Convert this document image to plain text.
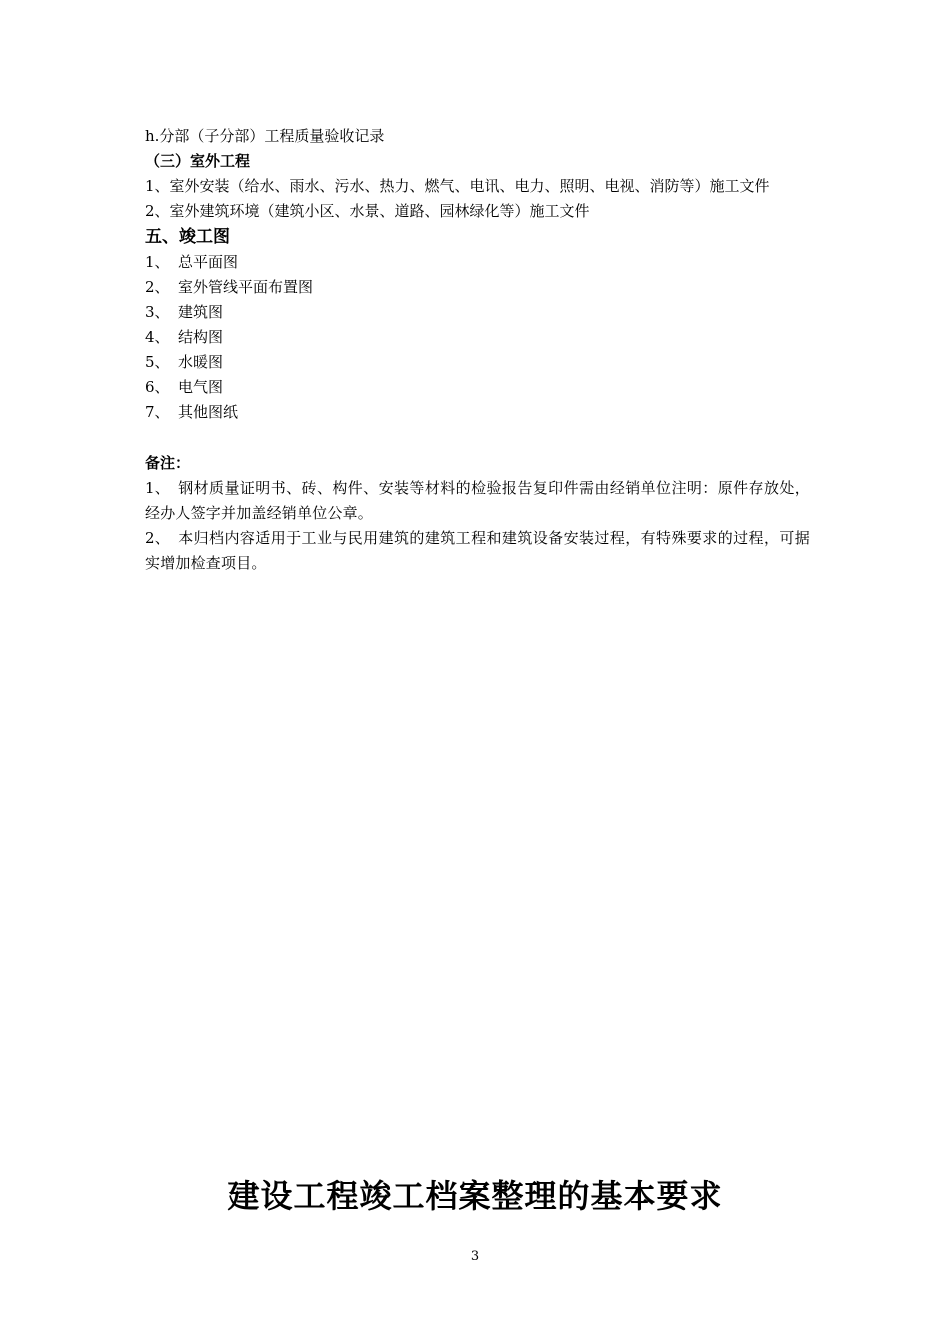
h.分部（子分部）工程质量验收记录
（三）室外工程
1、室外安装（给水、雨水、污水、热力、燃气、电讯、电力、照明、电视、消防等）施工文件
2、室外建筑环境（建筑小区、水景、道路、园林绿化等）施工文件
五、竣工图
1、 总平面图
2、 室外管线平面布置图
3、 建筑图
4、 结构图
5、 水暖图
6、 电气图
7、 其他图纸
备注：
1、 钢材质量证明书、砖、构件、安装等材料的检验报告复印件需由经销单位注明：原件存放处，经办人签字并加盖经销单位公章。
2、 本归档内容适用于工业与民用建筑的建筑工程和建筑设备安装过程，有特殊要求的过程，可据实增加检查项目。
建设工程竣工档案整理的基本要求
3
